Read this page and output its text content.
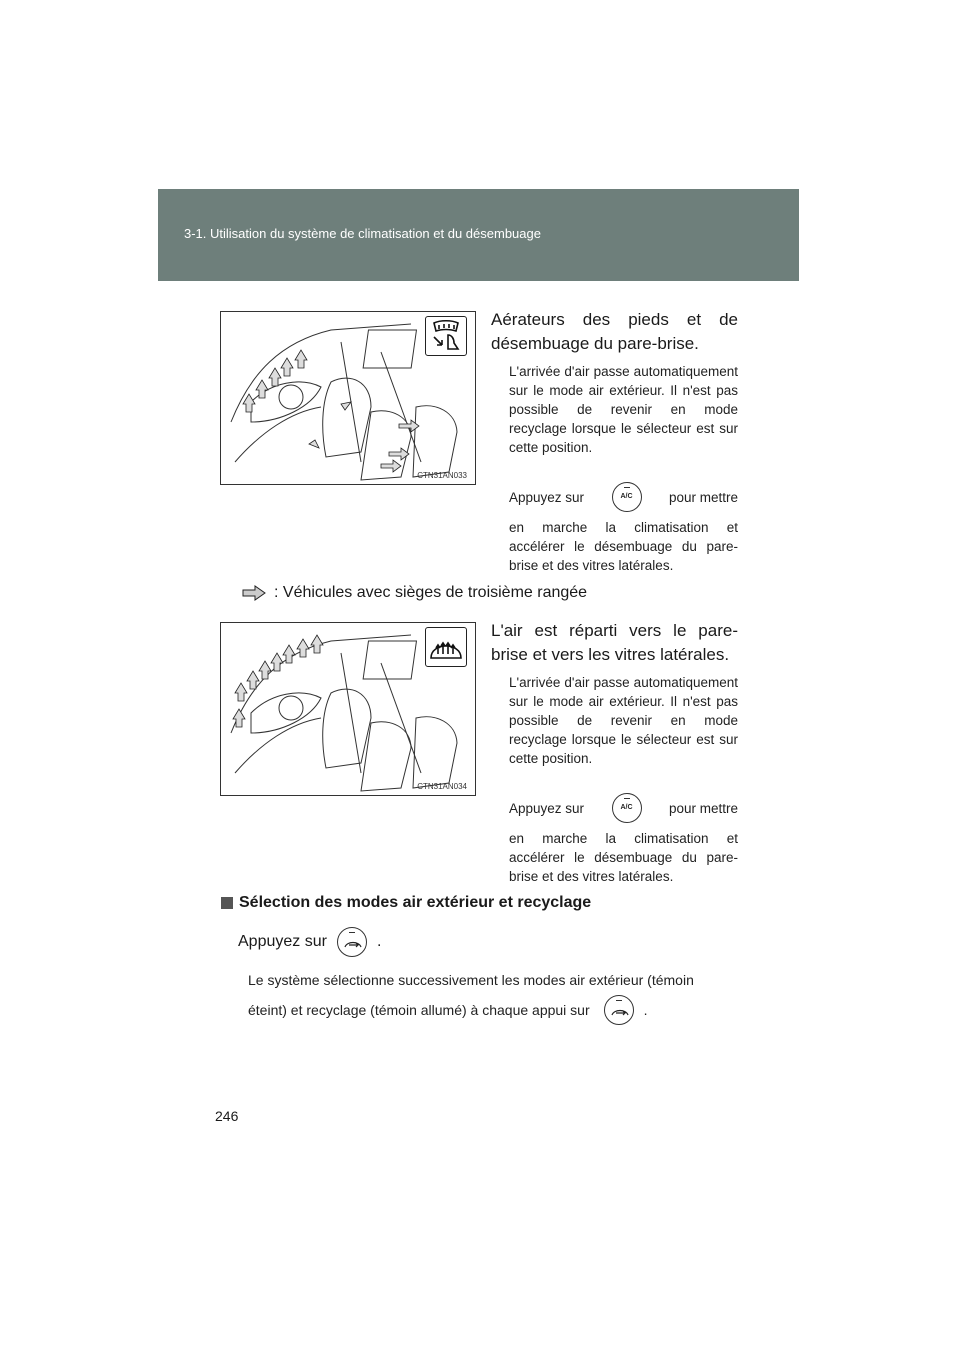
3-1. Utilisation du système de climatisation et du désembuage
CTN31AN033
Aérateurs des pieds et de désembuage du pare-brise.
L'arrivée d'air passe automatiquement sur le mode air extérieur. Il n'est pas possible de revenir en mode recyclage lorsque le sélecteur est sur cette position.
Appuyez sur	A/C	pour mettre
en marche la climatisation et accélérer le désembuage du pare-brise et des vitres latérales.
: Véhicules avec sièges de troisième rangée
CTN31AN034
L'air est réparti vers le pare-brise et vers les vitres latérales.
L'arrivée d'air passe automatiquement sur le mode air extérieur. Il n'est pas possible de revenir en mode recyclage lorsque le sélecteur est sur cette position.
Appuyez sur	A/C	pour mettre
en marche la climatisation et accélérer le désembuage du pare-brise et des vitres latérales.
Sélection des modes air extérieur et recyclage
Appuyez sur	.
Le système sélectionne successivement les modes air extérieur (témoin
éteint) et recyclage (témoin allumé) à chaque appui sur	.
246
